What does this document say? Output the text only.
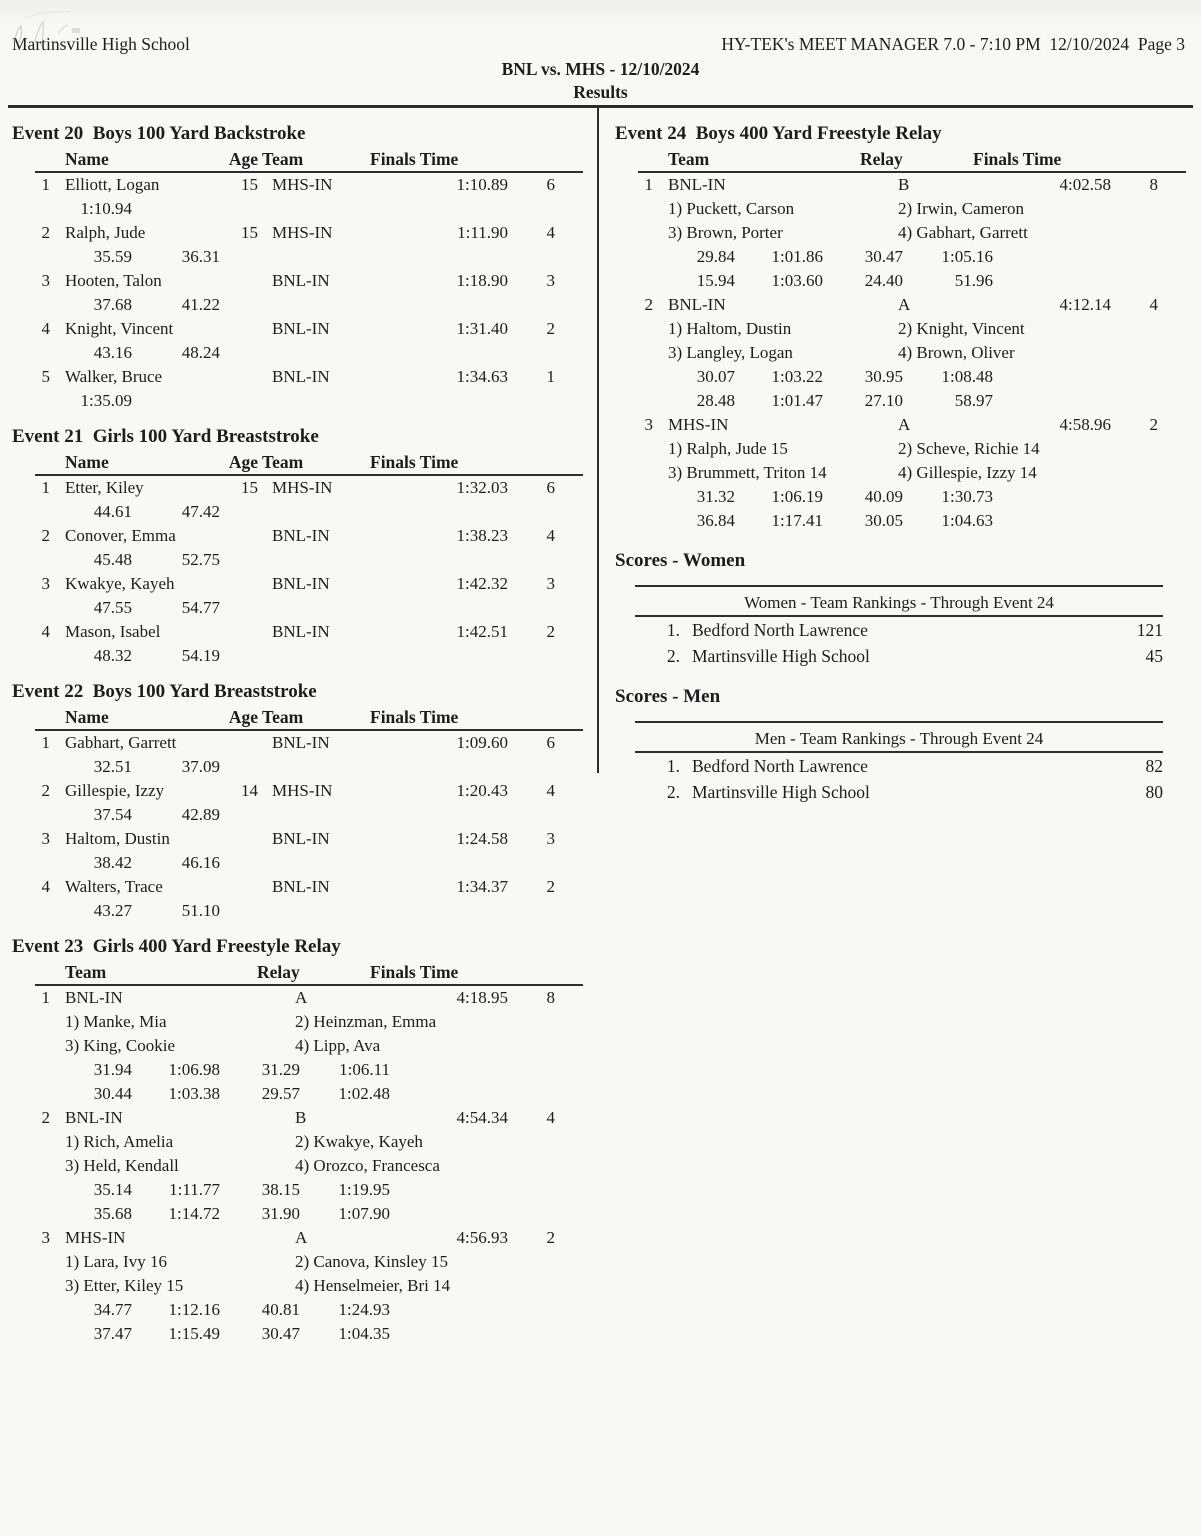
Martinsville High School	HY-TEK's MEET MANAGER 7.0 - 7:10 PM  12/10/2024  Page 3
BNL vs. MHS - 12/10/2024
Results
Event 20  Boys 100 Yard Backstroke
Name	Age Team	Finals Time
1 Elliott, Logan	15 MHS-IN	1:10.89	6
1:10.94
2 Ralph, Jude	15 MHS-IN	1:11.90	4
35.59	36.31
3 Hooten, Talon	BNL-IN	1:18.90	3
37.68	41.22
4 Knight, Vincent	BNL-IN	1:31.40	2
43.16	48.24
5 Walker, Bruce	BNL-IN	1:34.63	1
1:35.09
Event 21  Girls 100 Yard Breaststroke
Name	Age Team	Finals Time
1 Etter, Kiley	15 MHS-IN	1:32.03	6
44.61	47.42
2 Conover, Emma	BNL-IN	1:38.23	4
45.48	52.75
3 Kwakye, Kayeh	BNL-IN	1:42.32	3
47.55	54.77
4 Mason, Isabel	BNL-IN	1:42.51	2
48.32	54.19
Event 22  Boys 100 Yard Breaststroke
Name	Age Team	Finals Time
1 Gabhart, Garrett	BNL-IN	1:09.60	6
32.51	37.09
2 Gillespie, Izzy	14 MHS-IN	1:20.43	4
37.54	42.89
3 Haltom, Dustin	BNL-IN	1:24.58	3
38.42	46.16
4 Walters, Trace	BNL-IN	1:34.37	2
43.27	51.10
Event 23  Girls 400 Yard Freestyle Relay
Team	Relay	Finals Time
1 BNL-IN	A	4:18.95	8
1) Manke, Mia	2) Heinzman, Emma
3) King, Cookie	4) Lipp, Ava
31.94	1:06.98	31.29	1:06.11
30.44	1:03.38	29.57	1:02.48
2 BNL-IN	B	4:54.34	4
1) Rich, Amelia	2) Kwakye, Kayeh
3) Held, Kendall	4) Orozco, Francesca
35.14	1:11.77	38.15	1:19.95
35.68	1:14.72	31.90	1:07.90
3 MHS-IN	A	4:56.93	2
1) Lara, Ivy 16	2) Canova, Kinsley 15
3) Etter, Kiley 15	4) Henselmeier, Bri 14
34.77	1:12.16	40.81	1:24.93
37.47	1:15.49	30.47	1:04.35
Event 24  Boys 400 Yard Freestyle Relay
Team	Relay	Finals Time
1 BNL-IN	B	4:02.58	8
1) Puckett, Carson	2) Irwin, Cameron
3) Brown, Porter	4) Gabhart, Garrett
29.84	1:01.86	30.47	1:05.16
15.94	1:03.60	24.40	51.96
2 BNL-IN	A	4:12.14	4
1) Haltom, Dustin	2) Knight, Vincent
3) Langley, Logan	4) Brown, Oliver
30.07	1:03.22	30.95	1:08.48
28.48	1:01.47	27.10	58.97
3 MHS-IN	A	4:58.96	2
1) Ralph, Jude 15	2) Scheve, Richie 14
3) Brummett, Triton 14	4) Gillespie, Izzy 14
31.32	1:06.19	40.09	1:30.73
36.84	1:17.41	30.05	1:04.63
Scores - Women
Women - Team Rankings - Through Event 24
1. Bedford North Lawrence	121
2. Martinsville High School	45
Scores - Men
Men - Team Rankings - Through Event 24
1. Bedford North Lawrence	82
2. Martinsville High School	80
